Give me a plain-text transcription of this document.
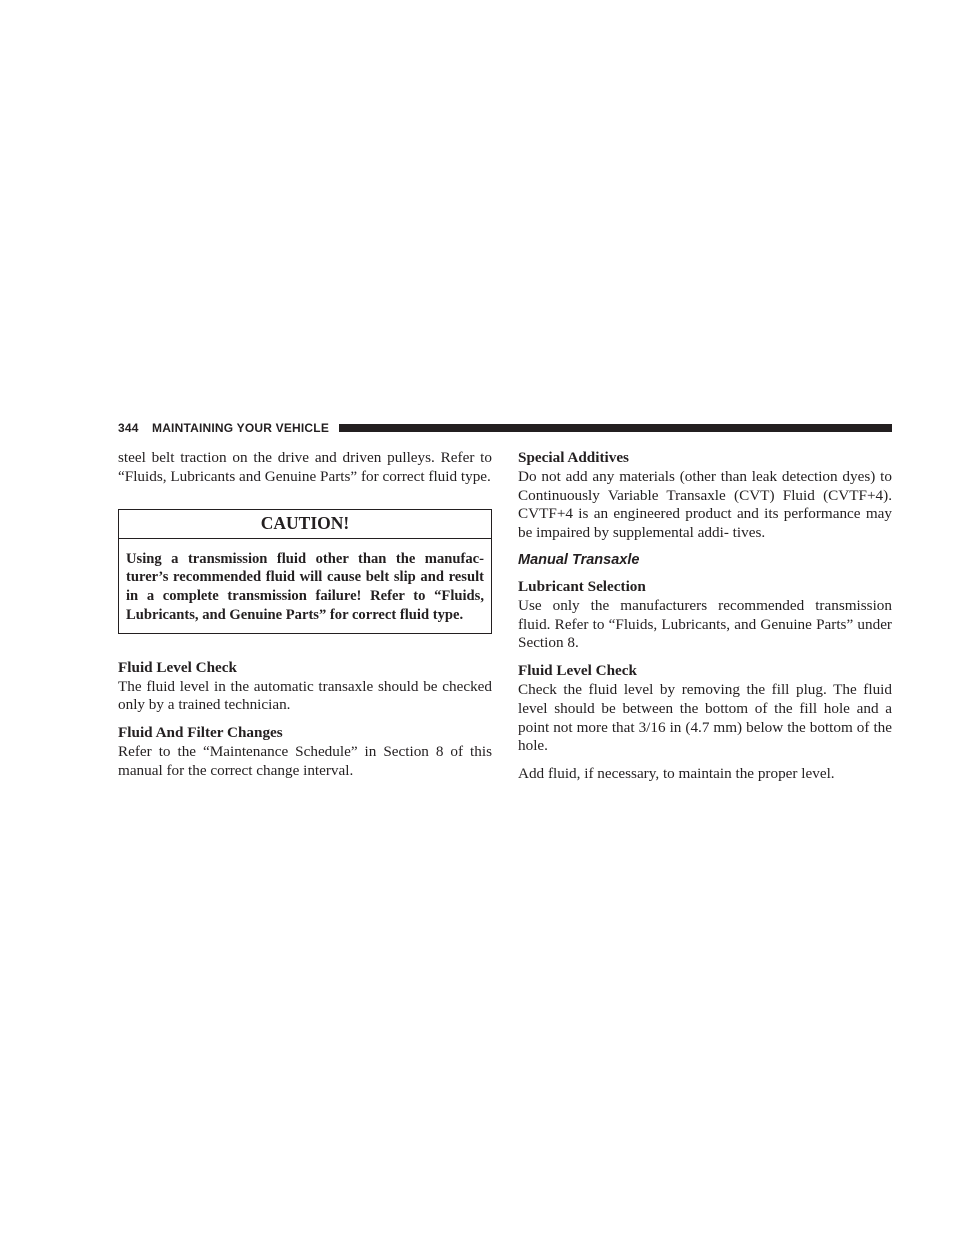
344 MAINTAINING YOUR VEHICLE

steel belt traction on the drive and driven pulleys. Refer to “Fluids, Lubricants and Genuine Parts” for correct fluid type.

CAUTION!
Using a transmission fluid other than the manufac- turer’s recommended fluid will cause belt slip and result in a complete transmission failure! Refer to “Fluids, Lubricants, and Genuine Parts” for correct fluid type.
Fluid Level Check

The fluid level in the automatic transaxle should be checked only by a trained technician.

Fluid And Filter Changes

Refer to the “Maintenance Schedule” in Section 8 of this manual for the correct change interval.

Special Additives

Do not add any materials (other than leak detection dyes) to Continuously Variable Transaxle (CVT) Fluid (CVTF+4). CVTF+4 is an engineered product and its performance may be impaired by supplemental addi- tives.

Manual Transaxle
Lubricant Selection

Use only the manufacturers recommended transmission fluid. Refer to “Fluids, Lubricants, and Genuine Parts” under Section 8.

Fluid Level Check

Check the fluid level by removing the fill plug. The fluid level should be between the bottom of the fill hole and a point not more that 3/16 in (4.7 mm) below the bottom of the hole.

Add fluid, if necessary, to maintain the proper level.
